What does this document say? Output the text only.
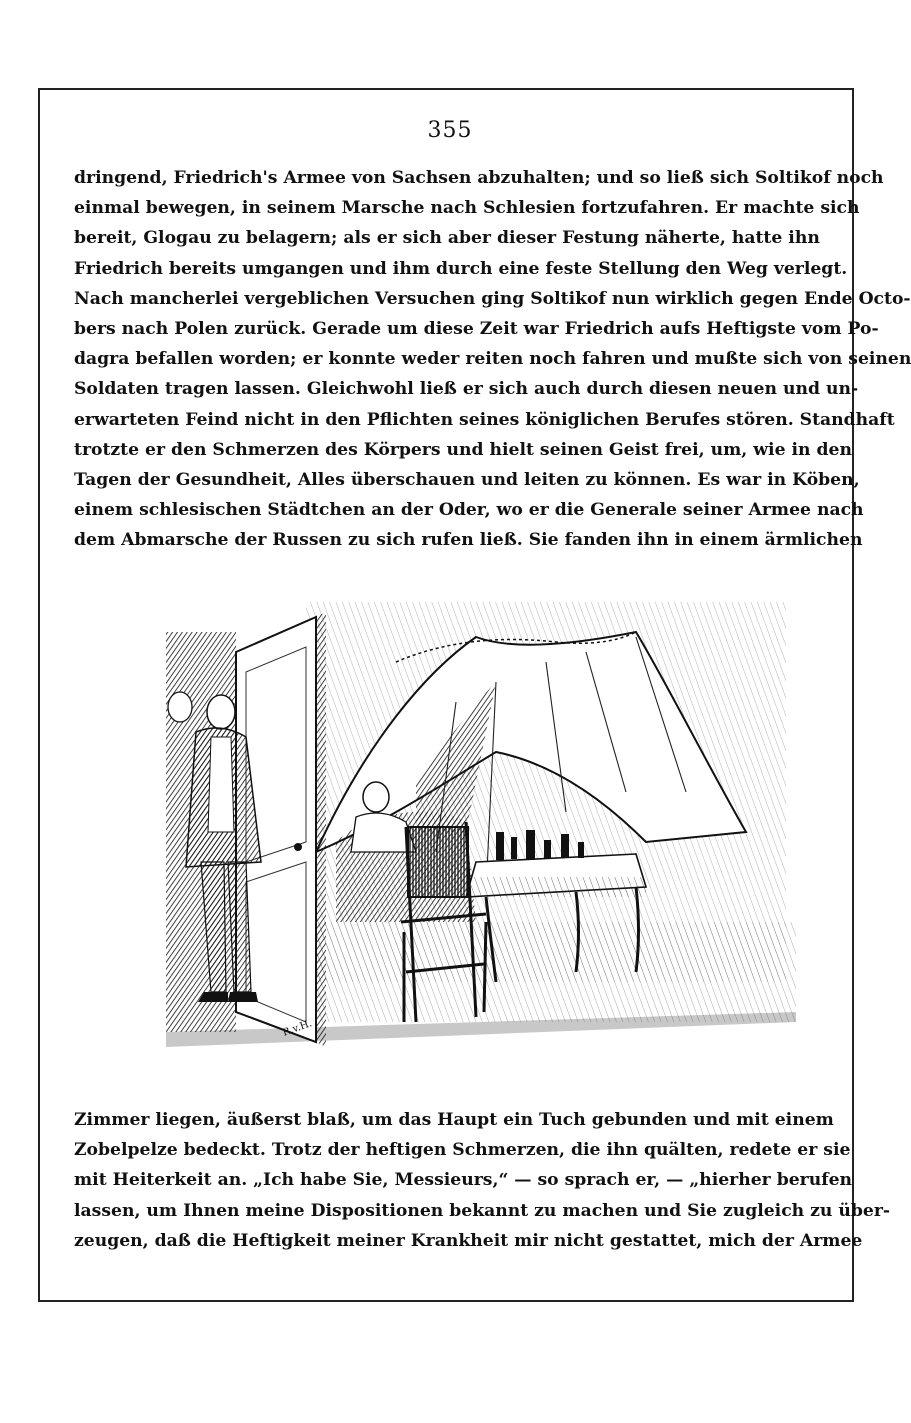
355
dringend, Friedrich's Armee von Sachsen abzuhalten; und so ließ sich Soltikof noch
einmal bewegen, in seinem Marsche nach Schlesien fortzufahren. Er machte sich
bereit, Glogau zu belagern; als er sich aber dieser Festung näherte, hatte ihn
Friedrich bereits umgangen und ihm durch eine feste Stellung den Weg verlegt.
Nach mancherlei vergeblichen Versuchen ging Soltikof nun wirklich gegen Ende Octo-
bers nach Polen zurück. Gerade um diese Zeit war Friedrich aufs Heftigste vom Po-
dagra befallen worden; er konnte weder reiten noch fahren und mußte sich von seinen
Soldaten tragen lassen. Gleichwohl ließ er sich auch durch diesen neuen und un-
erwarteten Feind nicht in den Pflichten seines königlichen Berufes stören. Standhaft
trotzte er den Schmerzen des Körpers und hielt seinen Geist frei, um, wie in den
Tagen der Gesundheit, Alles überschauen und leiten zu können. Es war in Köben,
einem schlesischen Städtchen an der Oder, wo er die Generale seiner Armee nach
dem Abmarsche der Russen zu sich rufen ließ. Sie fanden ihn in einem ärmlichen
R.v.H.
Zimmer liegen, äußerst blaß, um das Haupt ein Tuch gebunden und mit einem
Zobelpelze bedeckt. Trotz der heftigen Schmerzen, die ihn quälten, redete er sie
mit Heiterkeit an. „Ich habe Sie, Messieurs,“ — so sprach er, — „hierher berufen
lassen, um Ihnen meine Dispositionen bekannt zu machen und Sie zugleich zu über-
zeugen, daß die Heftigkeit meiner Krankheit mir nicht gestattet, mich der Armee
